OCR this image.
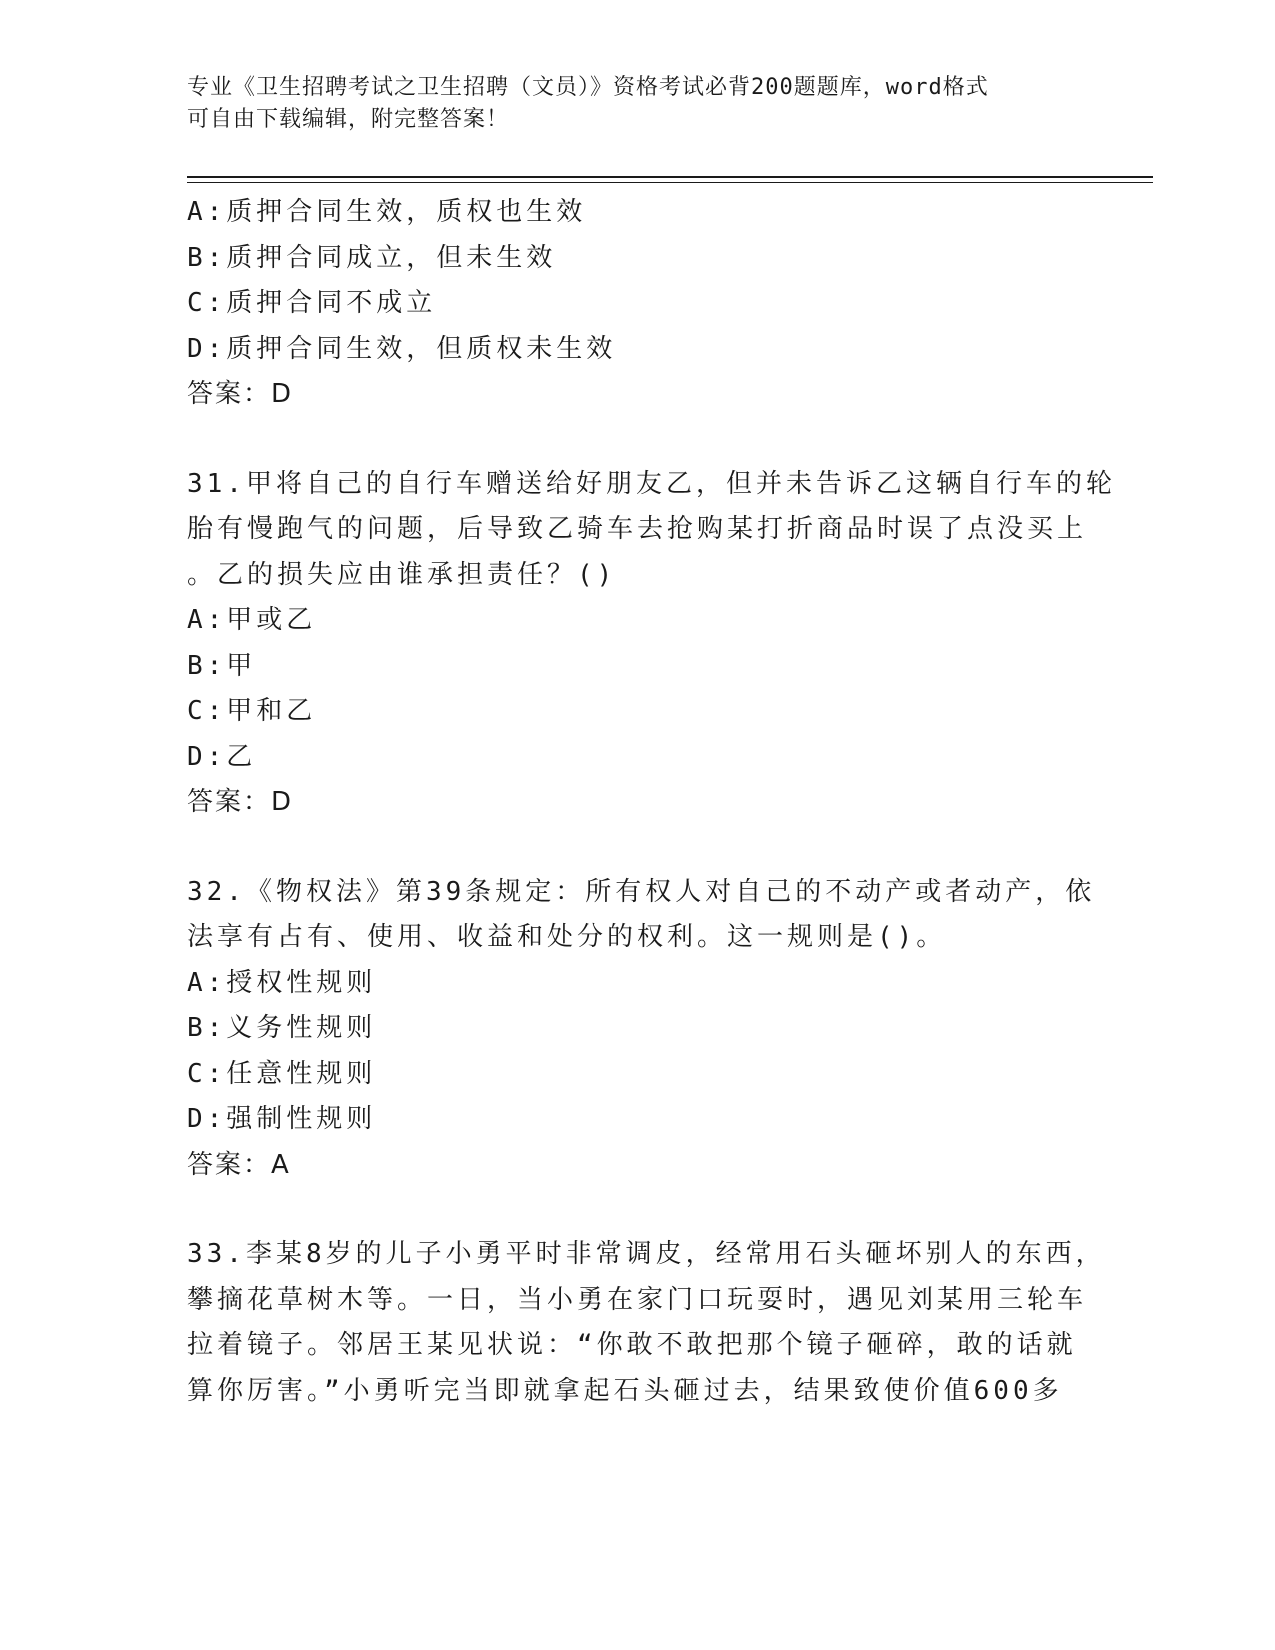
专业《卫生招聘考试之卫生招聘（文员）》资格考试必背200题题库，word格式
可自由下载编辑，附完整答案！
A:质押合同生效，质权也生效
B:质押合同成立，但未生效
C:质押合同不成立
D:质押合同生效，但质权未生效
答案：D
31.甲将自己的自行车赠送给好朋友乙，但并未告诉乙这辆自行车的轮
胎有慢跑气的问题，后导致乙骑车去抢购某打折商品时误了点没买上
。乙的损失应由谁承担责任？()
A:甲或乙
B:甲
C:甲和乙
D:乙
答案：D
32.《物权法》第39条规定：所有权人对自己的不动产或者动产，依
法享有占有、使用、收益和处分的权利。这一规则是()。
A:授权性规则
B:义务性规则
C:任意性规则
D:强制性规则
答案：A
33.李某8岁的儿子小勇平时非常调皮，经常用石头砸坏别人的东西，
攀摘花草树木等。一日，当小勇在家门口玩耍时，遇见刘某用三轮车
拉着镜子。邻居王某见状说：“你敢不敢把那个镜子砸碎，敢的话就
算你厉害。”小勇听完当即就拿起石头砸过去，结果致使价值600多
